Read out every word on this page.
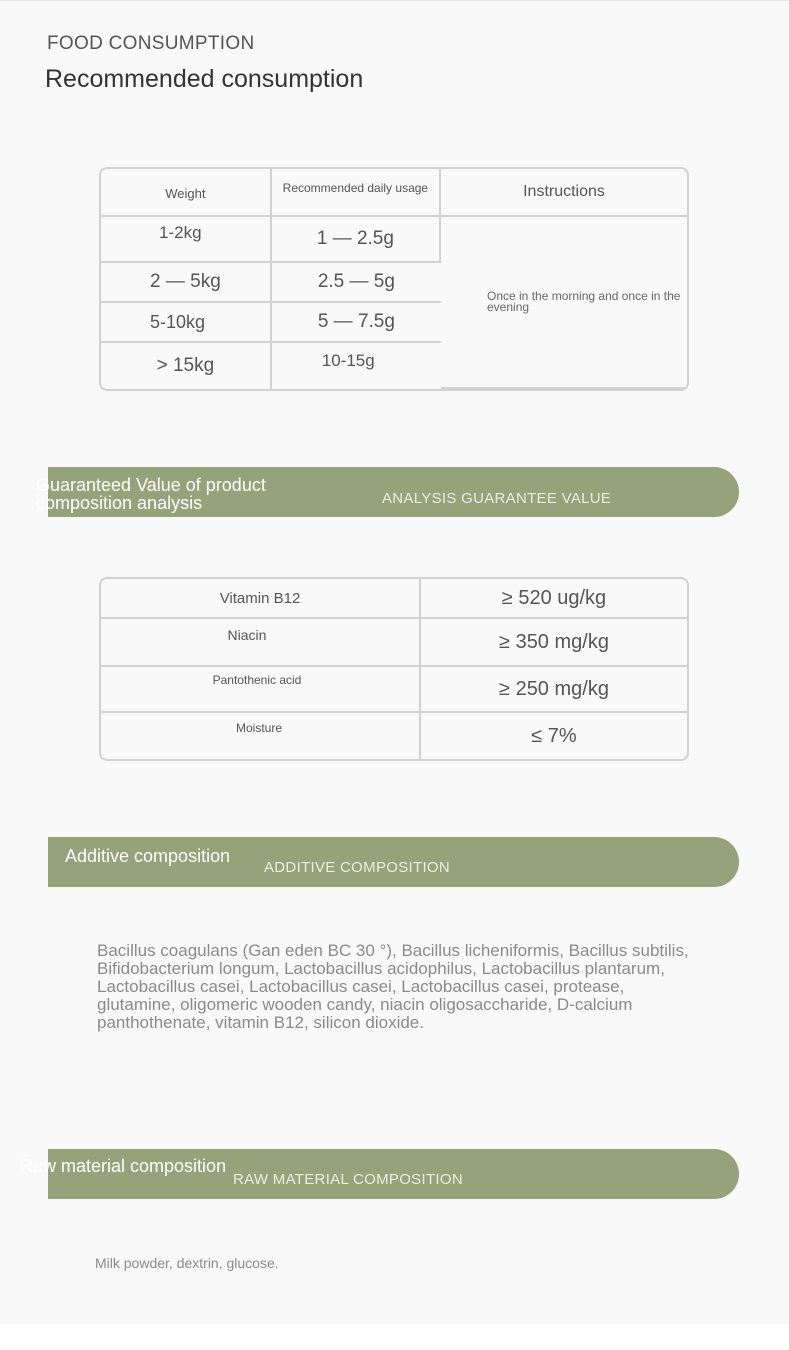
FOOD CONSUMPTION
Recommended consumption
Weight	Recommended daily usage	Instructions
1-2kg	1 — 2.5g	Once in the morning and once in the evening

2 — 5kg	2.5 — 5g	
5-10kg	5 — 7.5g	
> 15kg	10-15g	
Guaranteed Value of product composition analysis	ANALYSIS GUARANTEE VALUE
Vitamin B12	≥ 520 ug/kg
Niacin	≥ 350 mg/kg
Pantothenic acid	≥ 250 mg/kg
Moisture	≤ 7%
Additive composition
ADDITIVE COMPOSITION
Bacillus coagulans (Gan eden BC 30 °), Bacillus licheniformis, Bacillus subtilis, Bifidobacterium longum, Lactobacillus acidophilus, Lactobacillus plantarum, Lactobacillus casei, Lactobacillus casei, Lactobacillus casei, protease, glutamine, oligomeric wooden candy, niacin oligosaccharide, D-calcium panthothenate, vitamin B12, silicon dioxide.
Raw material composition
RAW MATERIAL COMPOSITION
Milk powder, dextrin, glucose.
